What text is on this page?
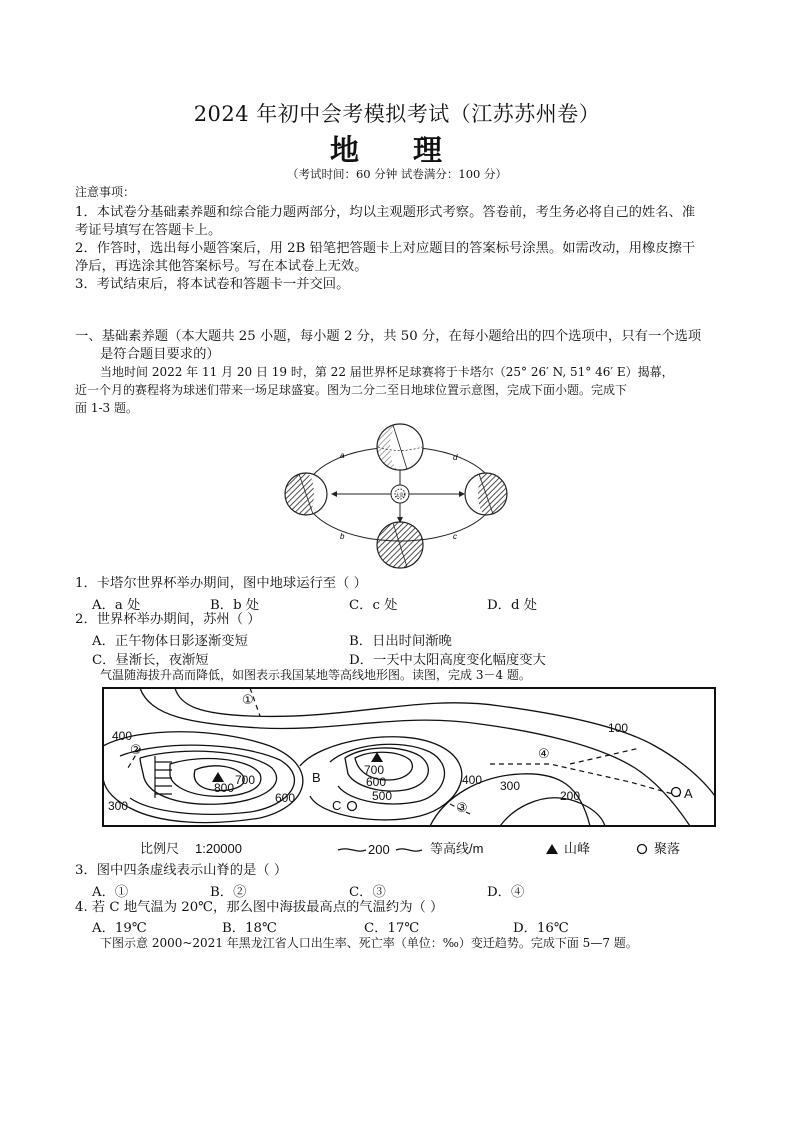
2024 年初中会考模拟考试（江苏苏州卷）
地 理
（考试时间：60 分钟 试卷满分：100 分）
注意事项：
1．本试卷分基础素养题和综合能力题两部分，均以主观题形式考察。答卷前，考生务必将自己的姓名、准
考证号填写在答题卡上。
2．作答时，选出每小题答案后，用 2B 铅笔把答题卡上对应题目的答案标号涂黑。如需改动，用橡皮擦干
净后，再选涂其他答案标号。写在本试卷上无效。
3．考试结束后，将本试卷和答题卡一并交回。
一、基础素养题（本大题共 25 小题，每小题 2 分，共 50 分，在每小题给出的四个选项中，只有一个选项
是符合题目要求的）
当地时间 2022 年 11 月 20 日 19 时，第 22 届世界杯足球赛将于卡塔尔（25° 26′ N, 51° 46′ E）揭幕，
近一个月的赛程将为球迷们带来一场足球盛宴。图为二分二至日地球位置示意图，完成下面小题。完成下
面 1-3 题。
太阳
a
b	c
d
1．卡塔尔世界杯举办期间，图中地球运行至（ ）
A．a 处	B．b 处	C．c 处	D．d 处
2．世界杯举办期间，苏州（ ）
A．正午物体日影逐渐变短	B．日出时间渐晚
C．昼渐长，夜渐短	D．一天中太阳高度变化幅度变大
气温随海拔升高而降低，如图表示我国某地等高线地形图。读图，完成 3－4 题。
100
200
300
400
500
600
700
800
400 300
700
600
①
②
③
④
A
B
C
比例尺 1:20000	200	等高线/m	山峰	聚落
3．图中四条虚线表示山脊的是（ ）
A．①	B．②	C．③	D．④
4. 若 C 地气温为 20℃，那么图中海拔最高点的气温约为（ ）
A．19℃	B．18℃	C．17℃	D．16℃
下图示意 2000~2021 年黑龙江省人口出生率、死亡率（单位：‰）变迁趋势。完成下面 5—7 题。
